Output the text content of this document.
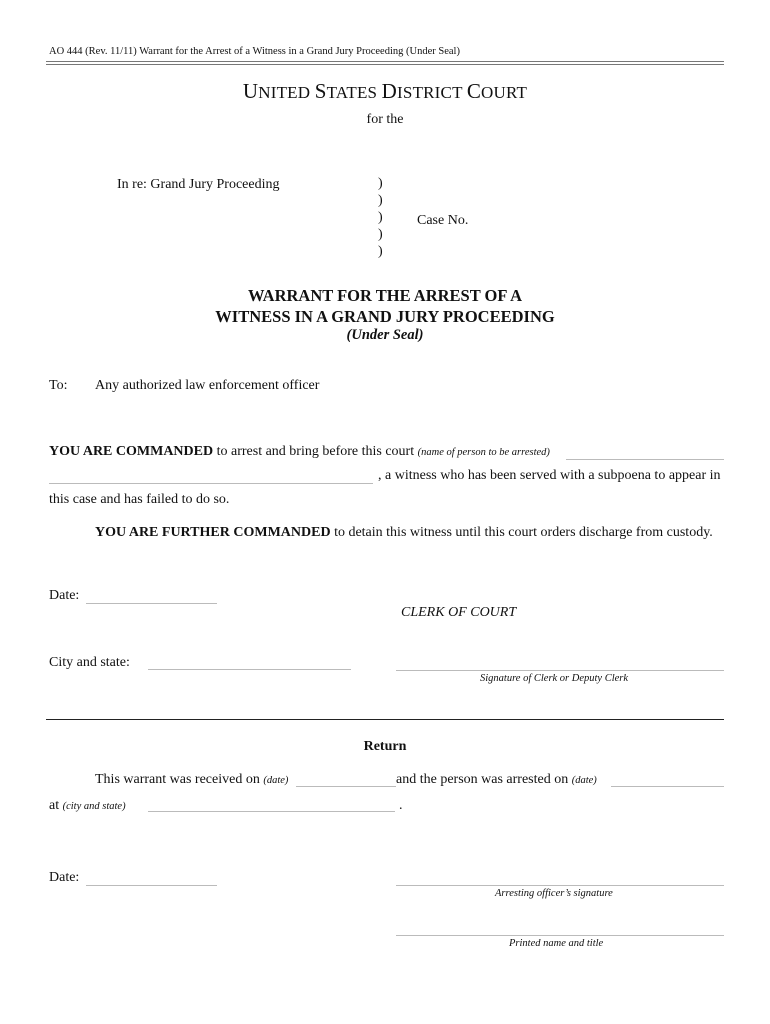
AO 444 (Rev. 11/11) Warrant for the Arrest of a Witness in a Grand Jury Proceeding (Under Seal)
UNITED STATES DISTRICT COURT
for the
In re: Grand Jury Proceeding	)
)
)
)
)
Case No.
WARRANT FOR THE ARREST OF A
WITNESS IN A GRAND JURY PROCEEDING
(Under Seal)
To: Any authorized law enforcement officer
YOU ARE COMMANDED to arrest and bring before this court (name of person to be arrested)
, a witness who has been served with a subpoena to appear in
this case and has failed to do so.
YOU ARE FURTHER COMMANDED to detain this witness until this court orders discharge from custody.
Date:
CLERK OF COURT
City and state:
Signature of Clerk or Deputy Clerk
Return
This warrant was received on (date)	and the person was arrested on (date)
at (city and state)	.
Date:
Arresting officer’s signature
Printed name and title
